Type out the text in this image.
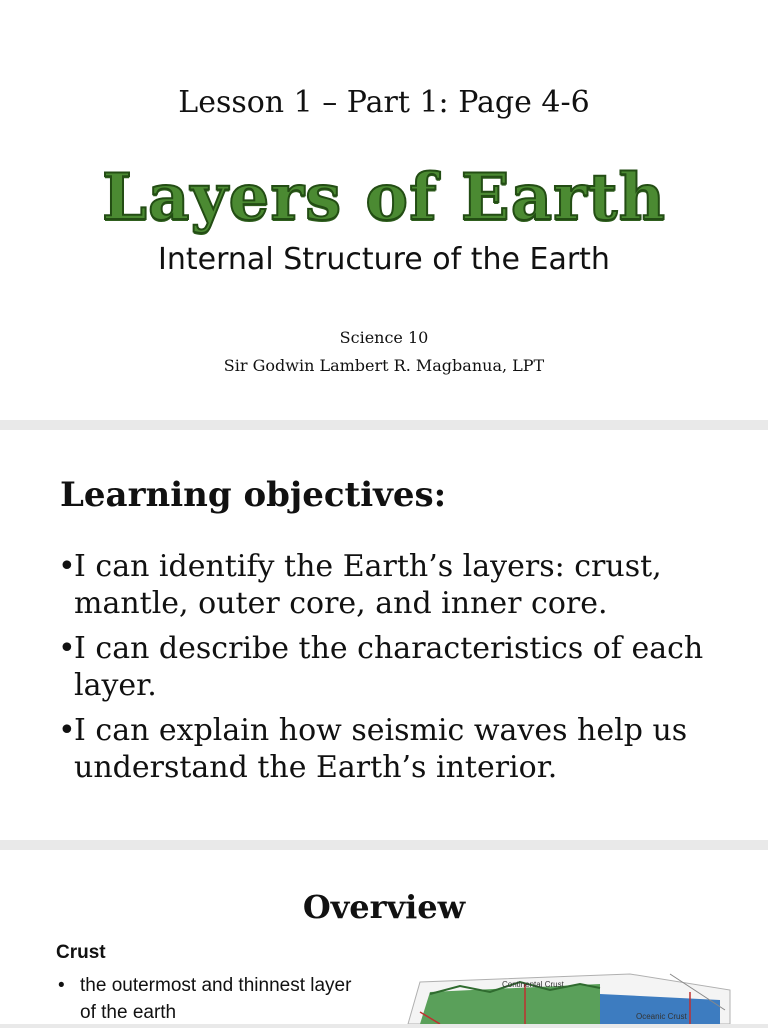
Lesson 1 – Part 1: Page 4-6
Layers of Earth
Internal Structure of the Earth
Science 10
Sir Godwin Lambert R. Magbanua, LPT
Learning objectives:
•
I can identify the Earth’s layers: crust, mantle, outer core, and inner core.
•
I can describe the characteristics of each layer.
•
I can explain how seismic waves help us understand the Earth’s interior.
Overview
Crust
• the outermost and thinnest layer of the earth
Continental Crust
Oceanic Crust
